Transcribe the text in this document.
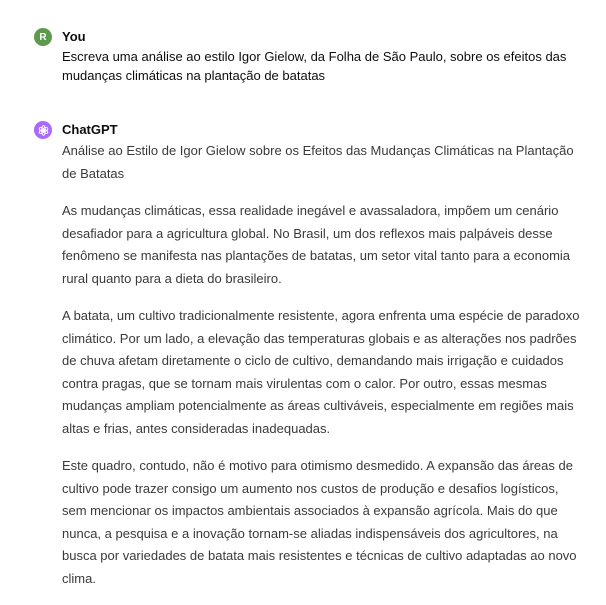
R You
Escreva uma análise ao estilo Igor Gielow, da Folha de São Paulo, sobre os efeitos das mudanças climáticas na plantação de batatas
ChatGPT

Análise ao Estilo de Igor Gielow sobre os Efeitos das Mudanças Climáticas na Plantação de Batatas

As mudanças climáticas, essa realidade inegável e avassaladora, impõem um cenário desafiador para a agricultura global. No Brasil, um dos reflexos mais palpáveis desse fenômeno se manifesta nas plantações de batatas, um setor vital tanto para a economia rural quanto para a dieta do brasileiro.

A batata, um cultivo tradicionalmente resistente, agora enfrenta uma espécie de paradoxo climático. Por um lado, a elevação das temperaturas globais e as alterações nos padrões de chuva afetam diretamente o ciclo de cultivo, demandando mais irrigação e cuidados contra pragas, que se tornam mais virulentas com o calor. Por outro, essas mesmas mudanças ampliam potencialmente as áreas cultiváveis, especialmente em regiões mais altas e frias, antes consideradas inadequadas.

Este quadro, contudo, não é motivo para otimismo desmedido. A expansão das áreas de cultivo pode trazer consigo um aumento nos custos de produção e desafios logísticos, sem mencionar os impactos ambientais associados à expansão agrícola. Mais do que nunca, a pesquisa e a inovação tornam-se aliadas indispensáveis dos agricultores, na busca por variedades de batata mais resistentes e técnicas de cultivo adaptadas ao novo clima.
